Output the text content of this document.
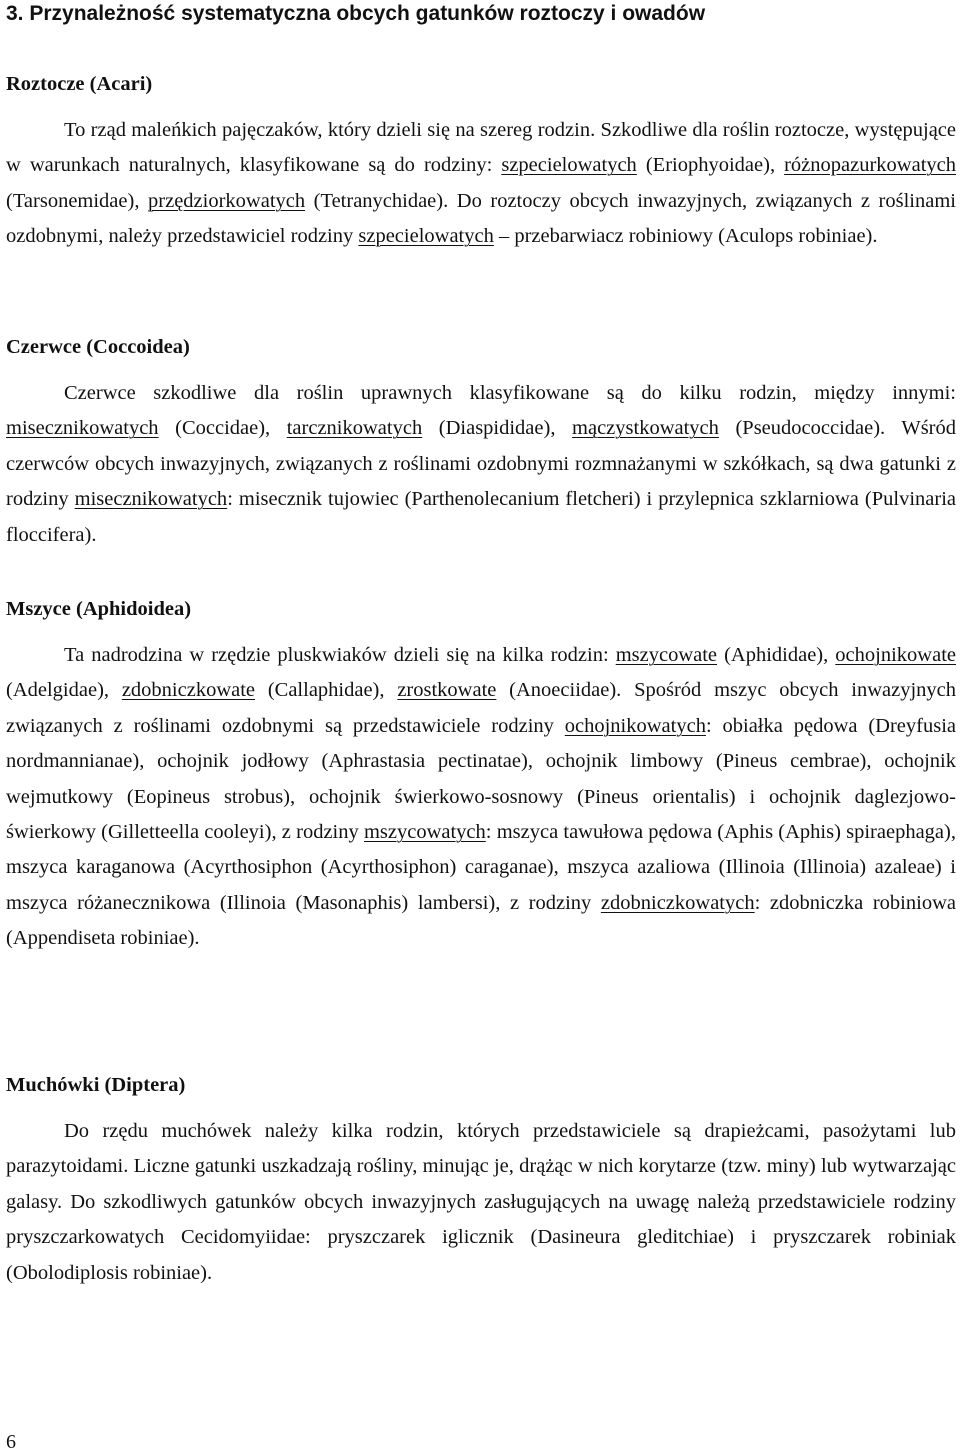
3. Przynależność systematyczna obcych gatunków roztoczy i owadów
Roztocze (Acari)

To rząd maleńkich pajęczaków, który dzieli się na szereg rodzin. Szkodliwe dla roślin roztocze, występujące w warunkach naturalnych, klasyfikowane są do rodziny: szpecielowatych (Eriophyoidae), różnopazurkowatych (Tarsonemidae), przędziorkowatych (Tetranychidae). Do roztoczy obcych inwazyjnych, związanych z roślinami ozdobnymi, należy przedstawiciel rodziny szpecielowatych – przebarwiacz robiniowy (Aculops robiniae).

Czerwce (Coccoidea)

Czerwce szkodliwe dla roślin uprawnych klasyfikowane są do kilku rodzin, między innymi: misecznikowatych (Coccidae), tarcznikowatych (Diaspididae), mączystkowatych (Pseudococcidae). Wśród czerwców obcych inwazyjnych, związanych z roślinami ozdobnymi rozmnażanymi w szkółkach, są dwa gatunki z rodziny misecznikowatych: misecznik tujowiec (Parthenolecanium fletcheri) i przylepnica szklarniowa (Pulvinaria floccifera).

Mszyce (Aphidoidea)

Ta nadrodzina w rzędzie pluskwiaków dzieli się na kilka rodzin: mszycowate (Aphididae), ochojnikowate (Adelgidae), zdobniczkowate (Callaphidae), zrostkowate (Anoeciidae). Spośród mszyc obcych inwazyjnych związanych z roślinami ozdobnymi są przedstawiciele rodziny ochojnikowatych: obiałka pędowa (Dreyfusia nordmannianae), ochojnik jodłowy (Aphrastasia pectinatae), ochojnik limbowy (Pineus cembrae), ochojnik wejmutkowy (Eopineus strobus), ochojnik świerkowo-sosnowy (Pineus orientalis) i ochojnik daglezjowo-świerkowy (Gilletteella cooleyi), z rodziny mszycowatych: mszyca tawułowa pędowa (Aphis (Aphis) spiraephaga), mszyca karaganowa (Acyrthosiphon (Acyrthosiphon) caraganae), mszyca azaliowa (Illinoia (Illinoia) azaleae) i mszyca różanecznikowa (Illinoia (Masonaphis) lambersi), z rodziny zdobniczkowatych: zdobniczka robiniowa (Appendiseta robiniae).

Muchówki (Diptera)

Do rzędu muchówek należy kilka rodzin, których przedstawiciele są drapieżcami, pasożytami lub parazytoidami. Liczne gatunki uszkadzają rośliny, minując je, drążąc w nich korytarze (tzw. miny) lub wytwarzając galasy. Do szkodliwych gatunków obcych inwazyjnych zasługujących na uwagę należą przedstawiciele rodziny pryszczarkowatych Cecidomyiidae: pryszczarek iglicznik (Dasineura gleditchiae) i pryszczarek robiniak (Obolodiplosis robiniae).

6
